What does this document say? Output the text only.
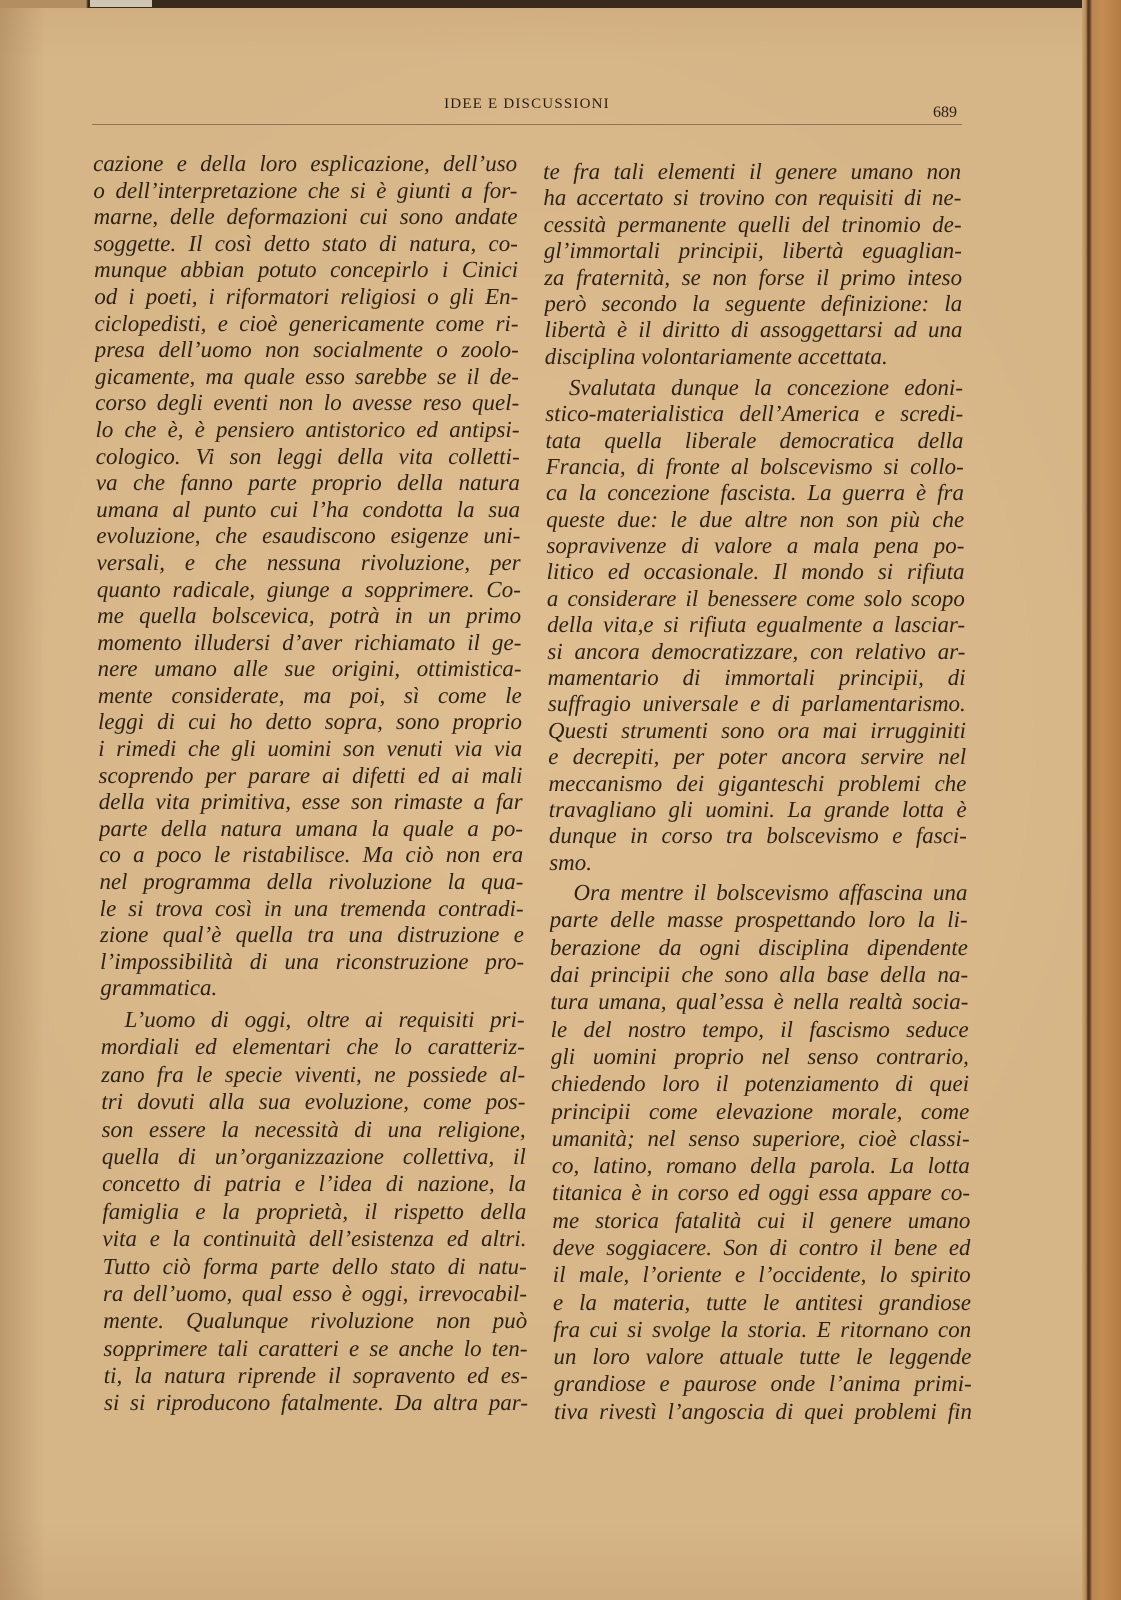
IDEE E DISCUSSIONI	689
cazione e della loro esplicazione, dell’uso
o dell’interpretazione che si è giunti a for-
marne, delle deformazioni cui sono andate
soggette. Il così detto stato di natura, co-
munque abbian potuto concepirlo i Cinici
od i poeti, i riformatori religiosi o gli En-
ciclopedisti, e cioè genericamente come ri-
presa dell’uomo non socialmente o zoolo-
gicamente, ma quale esso sarebbe se il de-
corso degli eventi non lo avesse reso quel-
lo che è, è pensiero antistorico ed antipsi-
cologico. Vi son leggi della vita colletti-
va che fanno parte proprio della natura
umana al punto cui l’ha condotta la sua
evoluzione, che esaudiscono esigenze uni-
versali, e che nessuna rivoluzione, per
quanto radicale, giunge a sopprimere. Co-
me quella bolscevica, potrà in un primo
momento illudersi d’aver richiamato il ge-
nere umano alle sue origini, ottimistica-
mente considerate, ma poi, sì come le
leggi di cui ho detto sopra, sono proprio
i rimedi che gli uomini son venuti via via
scoprendo per parare ai difetti ed ai mali
della vita primitiva, esse son rimaste a far
parte della natura umana la quale a po-
co a poco le ristabilisce. Ma ciò non era
nel programma della rivoluzione la qua-
le si trova così in una tremenda contradi-
zione qual’è quella tra una distruzione e
l’impossibilità di una riconstruzione pro-
grammatica.
L’uomo di oggi, oltre ai requisiti pri-
mordiali ed elementari che lo caratteriz-
zano fra le specie viventi, ne possiede al-
tri dovuti alla sua evoluzione, come pos-
son essere la necessità di una religione,
quella di un’organizzazione collettiva, il
concetto di patria e l’idea di nazione, la
famiglia e la proprietà, il rispetto della
vita e la continuità dell’esistenza ed altri.
Tutto ciò forma parte dello stato di natu-
ra dell’uomo, qual esso è oggi, irrevocabil-
mente. Qualunque rivoluzione non può
sopprimere tali caratteri e se anche lo ten-
ti, la natura riprende il sopravento ed es-
si si riproducono fatalmente. Da altra par-
te fra tali elementi il genere umano non
ha accertato si trovino con requisiti di ne-
cessità permanente quelli del trinomio de-
gl’immortali principii, libertà eguaglian-
za fraternità, se non forse il primo inteso
però secondo la seguente definizione: la
libertà è il diritto di assoggettarsi ad una
disciplina volontariamente accettata.
Svalutata dunque la concezione edoni-
stico-materialistica dell’America e scredi-
tata quella liberale democratica della
Francia, di fronte al bolscevismo si collo-
ca la concezione fascista. La guerra è fra
queste due: le due altre non son più che
sopravivenze di valore a mala pena po-
litico ed occasionale. Il mondo si rifiuta
a considerare il benessere come solo scopo
della vita,e si rifiuta egualmente a lasciar-
si ancora democratizzare, con relativo ar-
mamentario di immortali principii, di
suffragio universale e di parlamentarismo.
Questi strumenti sono ora mai irrugginiti
e decrepiti, per poter ancora servire nel
meccanismo dei giganteschi problemi che
travagliano gli uomini. La grande lotta è
dunque in corso tra bolscevismo e fasci-
smo.
Ora mentre il bolscevismo affascina una
parte delle masse prospettando loro la li-
berazione da ogni disciplina dipendente
dai principii che sono alla base della na-
tura umana, qual’essa è nella realtà socia-
le del nostro tempo, il fascismo seduce
gli uomini proprio nel senso contrario,
chiedendo loro il potenziamento di quei
principii come elevazione morale, come
umanità; nel senso superiore, cioè classi-
co, latino, romano della parola. La lotta
titanica è in corso ed oggi essa appare co-
me storica fatalità cui il genere umano
deve soggiacere. Son di contro il bene ed
il male, l’oriente e l’occidente, lo spirito
e la materia, tutte le antitesi grandiose
fra cui si svolge la storia. E ritornano con
un loro valore attuale tutte le leggende
grandiose e paurose onde l’anima primi-
tiva rivestì l’angoscia di quei problemi fin
